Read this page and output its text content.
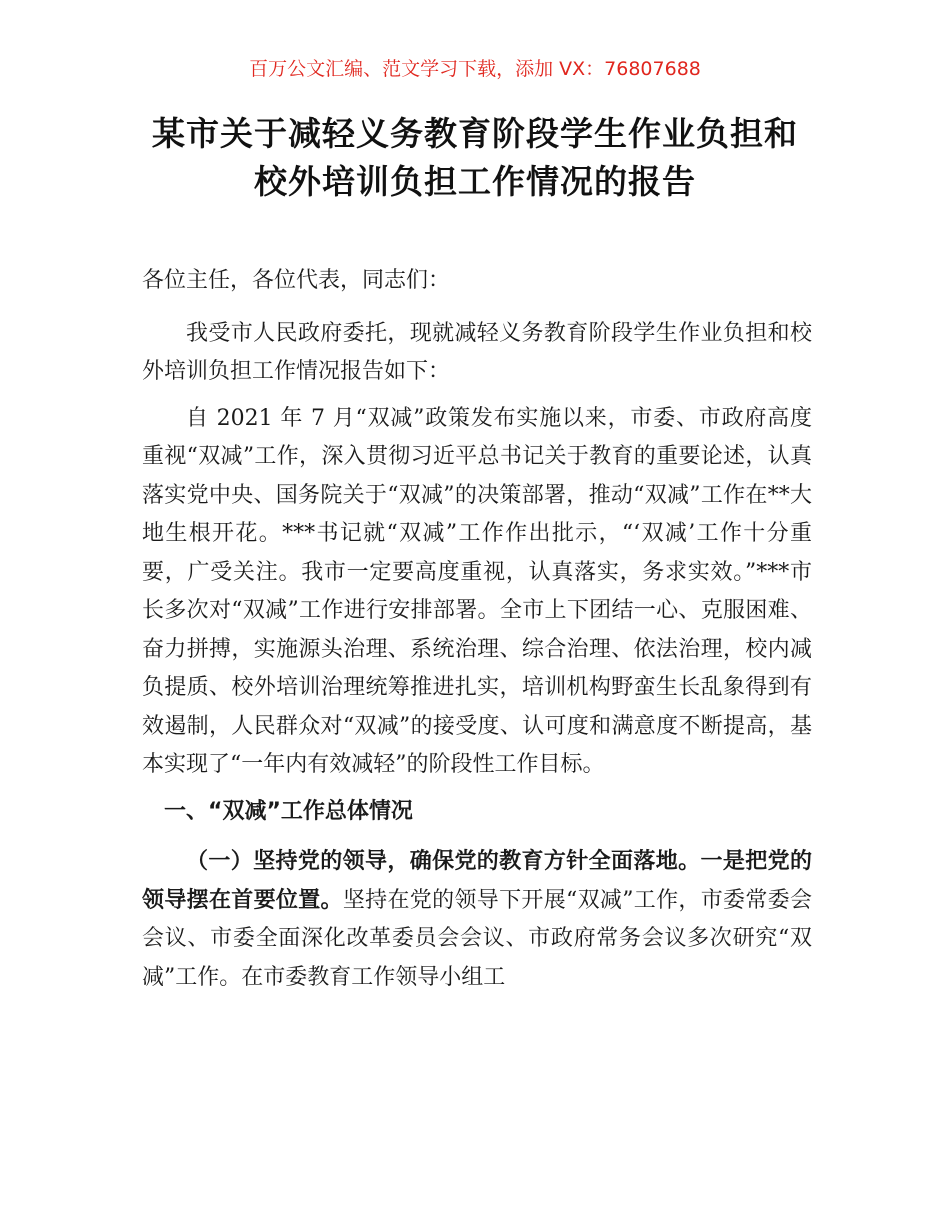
百万公文汇编、范文学习下载，添加 VX：76807688
某市关于减轻义务教育阶段学生作业负担和
校外培训负担工作情况的报告

各位主任，各位代表，同志们：

我受市人民政府委托，现就减轻义务教育阶段学生作业负担和校外培训负担工作情况报告如下：

自 2021 年 7 月“双减”政策发布实施以来，市委、市政府高度重视“双减”工作，深入贯彻习近平总书记关于教育的重要论述，认真落实党中央、国务院关于“双减”的决策部署，推动“双减”工作在**大地生根开花。***书记就“双减”工作作出批示，“‘双减’工作十分重要，广受关注。我市一定要高度重视，认真落实，务求实效。”***市长多次对“双减”工作进行安排部署。全市上下团结一心、克服困难、奋力拼搏，实施源头治理、系统治理、综合治理、依法治理，校内减负提质、校外培训治理统筹推进扎实，培训机构野蛮生长乱象得到有效遏制，人民群众对“双减”的接受度、认可度和满意度不断提高，基本实现了“一年内有效减轻”的阶段性工作目标。

一、“双减”工作总体情况

（一）坚持党的领导，确保党的教育方针全面落地。一是把党的领导摆在首要位置。坚持在党的领导下开展“双减”工作，市委常委会会议、市委全面深化改革委员会会议、市政府常务会议多次研究“双减”工作。在市委教育工作领导小组工
